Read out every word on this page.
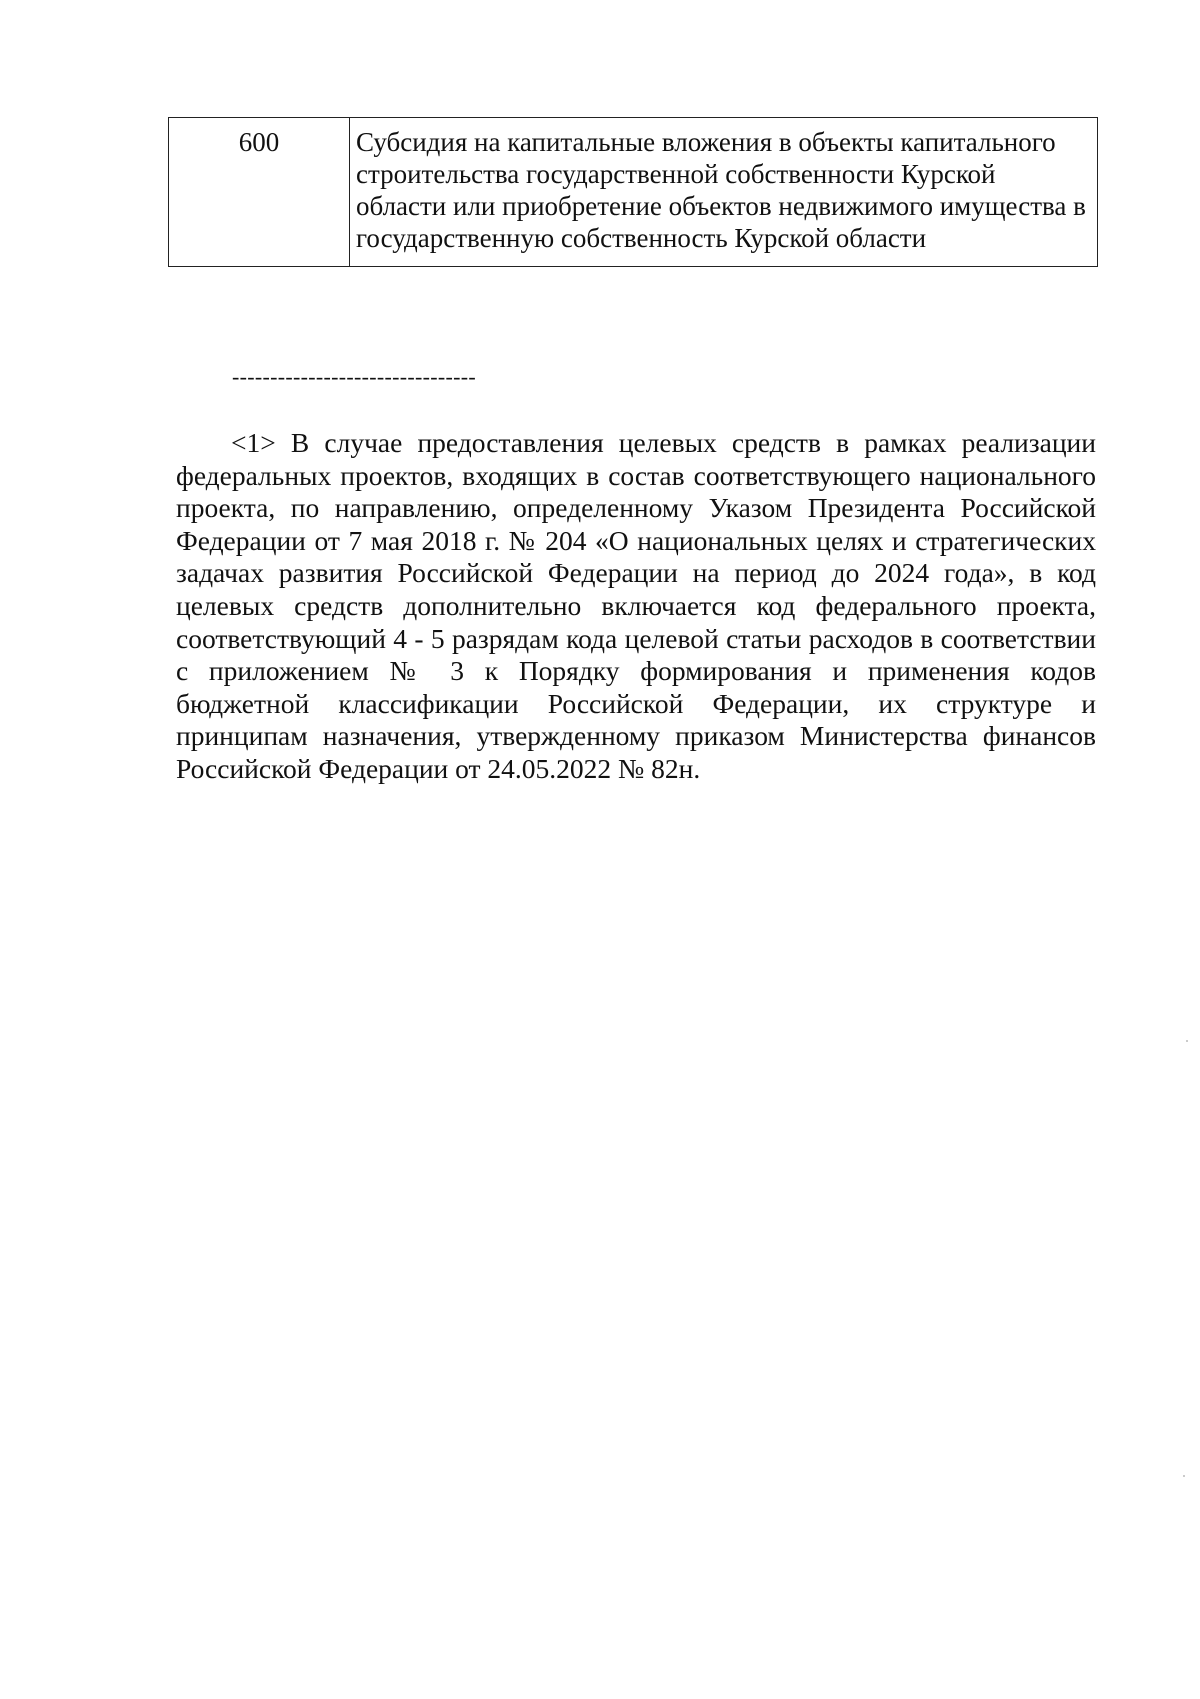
600	Субсидия на капитальные вложения в объекты капитального строительства государственной собственности Курской области или приобретение объектов недвижимого имущества в государственную собственность Курской области
--------------------------------

<1> В случае предоставления целевых средств в рамках реализации федеральных проектов, входящих в состав соответствующего национального проекта, по направлению, определенному Указом Президента Российской Федерации от 7 мая 2018 г. № 204 «О национальных целях и стратегических задачах развития Российской Федерации на период до 2024 года», в код целевых средств дополнительно включается код федерального проекта, соответствующий 4 - 5 разрядам кода целевой статьи расходов в соответствии с приложением № 3 к Порядку формирования и применения кодов бюджетной классификации Российской Федерации, их структуре и принципам назначения, утвержденному приказом Министерства финансов Российской Федерации от 24.05.2022 № 82н.
